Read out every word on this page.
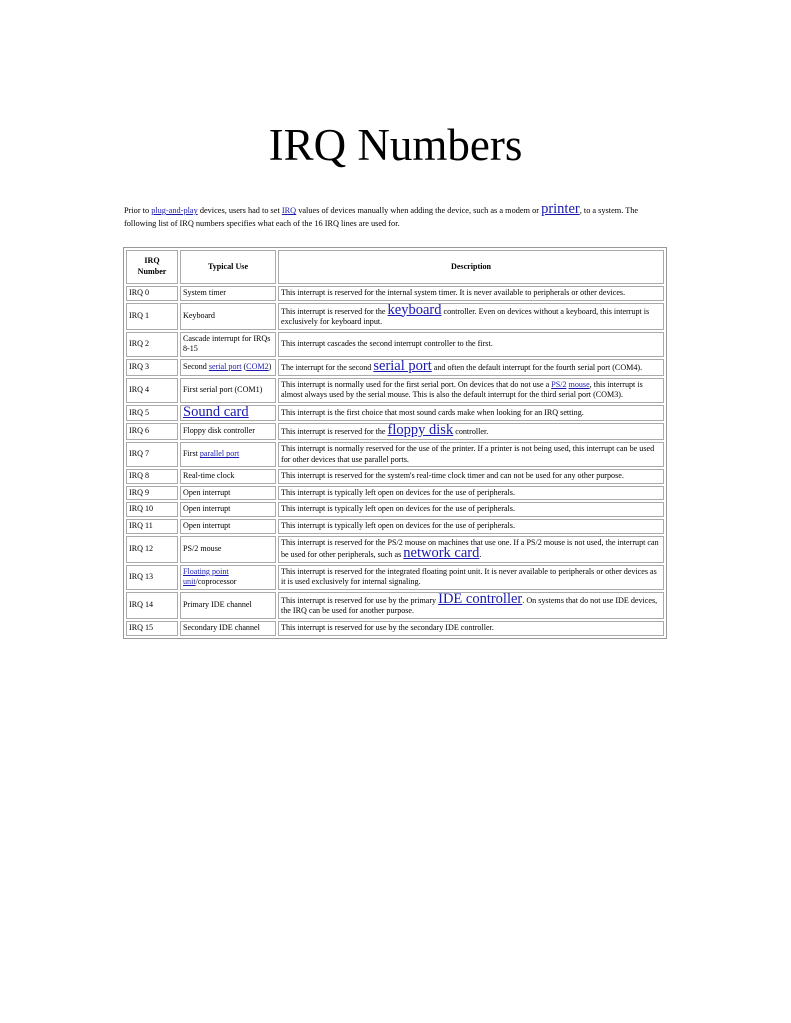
IRQ Numbers

Prior to plug-and-play devices, users had to set IRQ values of devices manually when adding the device, such as a modem or printer, to a system. The following list of IRQ numbers specifies what each of the 16 IRQ lines are used for.

IRQ Number	Typical Use	Description
IRQ 0	System timer	This interrupt is reserved for the internal system timer. It is never available to peripherals or other devices.
IRQ 1	Keyboard	This interrupt is reserved for the keyboard controller. Even on devices without a keyboard, this interrupt is exclusively for keyboard input.
IRQ 2	Cascade interrupt for IRQs 8-15	This interrupt cascades the second interrupt controller to the first.
IRQ 3	Second serial port (COM2)	The interrupt for the second serial port and often the default interrupt for the fourth serial port (COM4).
IRQ 4	First serial port (COM1)	This interrupt is normally used for the first serial port. On devices that do not use a PS/2 mouse, this interrupt is almost always used by the serial mouse. This is also the default interrupt for the third serial port (COM3).
IRQ 5	Sound card	This interrupt is the first choice that most sound cards make when looking for an IRQ setting.
IRQ 6	Floppy disk controller	This interrupt is reserved for the floppy disk controller.
IRQ 7	First parallel port	This interrupt is normally reserved for the use of the printer. If a printer is not being used, this interrupt can be used for other devices that use parallel ports.
IRQ 8	Real-time clock	This interrupt is reserved for the system's real-time clock timer and can not be used for any other purpose.
IRQ 9	Open interrupt	This interrupt is typically left open on devices for the use of peripherals.
IRQ 10	Open interrupt	This interrupt is typically left open on devices for the use of peripherals.
IRQ 11	Open interrupt	This interrupt is typically left open on devices for the use of peripherals.
IRQ 12	PS/2 mouse	This interrupt is reserved for the PS/2 mouse on machines that use one. If a PS/2 mouse is not used, the interrupt can be used for other peripherals, such as network card.
IRQ 13	Floating point unit/coprocessor	This interrupt is reserved for the integrated floating point unit. It is never available to peripherals or other devices as it is used exclusively for internal signaling.
IRQ 14	Primary IDE channel	This interrupt is reserved for use by the primary IDE controller. On systems that do not use IDE devices, the IRQ can be used for another purpose.
IRQ 15	Secondary IDE channel	This interrupt is reserved for use by the secondary IDE controller.
